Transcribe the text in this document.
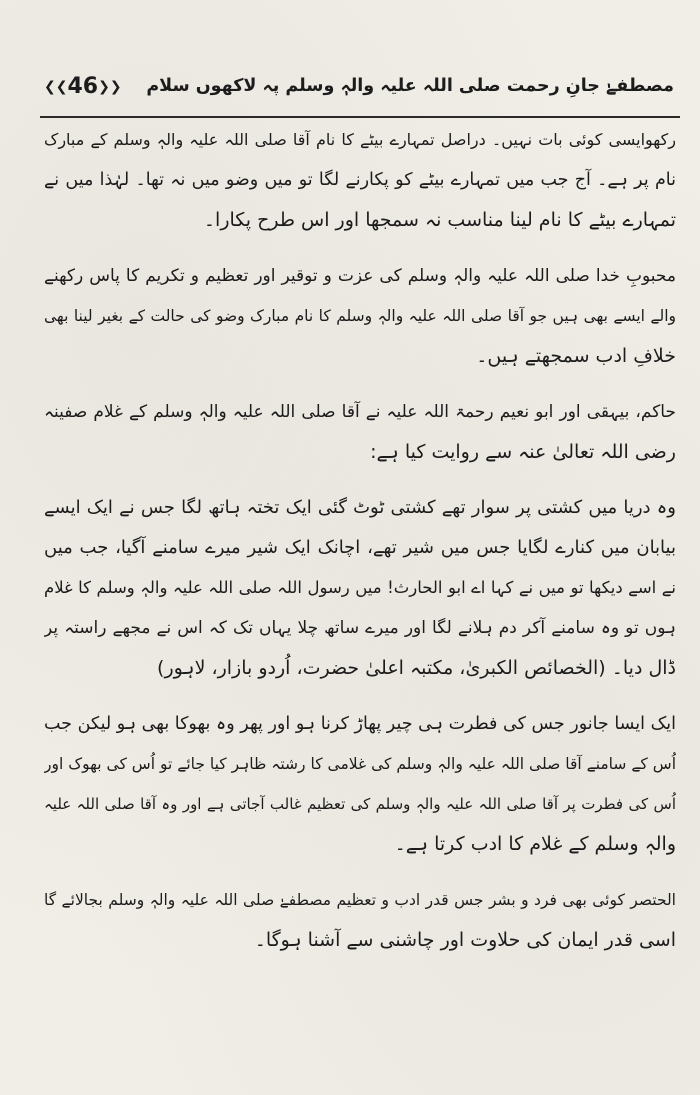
مصطفےٰ جانِ رحمت صلی اللہ علیہ والہٖ وسلم پہ لاکھوں سلام
❮❮46❯❯
رکھوایسی کوئی بات نہیں۔ دراصل تمہارے بیٹے کا نام آقا صلی اللہ علیہ والہٖ وسلم کے مبارک
نام پر ہے۔ آج جب میں تمہارے بیٹے کو پکارنے لگا تو میں وضو میں نہ تھا۔ لہٰذا میں نے
تمہارے بیٹے کا نام لینا مناسب نہ سمجھا اور اس طرح پکارا۔
محبوبِ خدا صلی اللہ علیہ والہٖ وسلم کی عزت و توقیر اور تعظیم و تکریم کا پاس رکھنے
والے ایسے بھی ہیں جو آقا صلی اللہ علیہ والہٖ وسلم کا نام مبارک وضو کی حالت کے بغیر لینا بھی
خلافِ ادب سمجھتے ہیں۔
حاکم، بیہقی اور ابو نعیم رحمۃ اللہ علیہ نے آقا صلی اللہ علیہ والہٖ وسلم کے غلام صفینہ
رضی اللہ تعالیٰ عنہ سے روایت کیا ہے:
وہ دریا میں کشتی پر سوار تھے کشتی ٹوٹ گئی ایک تختہ ہاتھ لگا جس نے ایک ایسے
بیابان میں کنارے لگایا جس میں شیر تھے، اچانک ایک شیر میرے سامنے آگیا، جب میں
نے اسے دیکھا تو میں نے کہا اے ابو الحارث! میں رسول اللہ صلی اللہ علیہ والہٖ وسلم کا غلام
ہوں تو وہ سامنے آکر دم ہلانے لگا اور میرے ساتھ چلا یہاں تک کہ اس نے مجھے راستہ پر
ڈال دیا۔ (الخصائص الکبریٰ، مکتبہ اعلیٰ حضرت، اُردو بازار، لاہور)
ایک ایسا جانور جس کی فطرت ہی چیر پھاڑ کرنا ہو اور پھر وہ بھوکا بھی ہو لیکن جب
اُس کے سامنے آقا صلی اللہ علیہ والہٖ وسلم کی غلامی کا رشتہ ظاہر کیا جائے تو اُس کی بھوک اور
اُس کی فطرت پر آقا صلی اللہ علیہ والہٖ وسلم کی تعظیم غالب آجاتی ہے اور وہ آقا صلی اللہ علیہ
والہٖ وسلم کے غلام کا ادب کرتا ہے۔
الحتصر کوئی بھی فرد و بشر جس قدر ادب و تعظیم مصطفےٰ صلی اللہ علیہ والہٖ وسلم بجالائے گا
اسی قدر ایمان کی حلاوت اور چاشنی سے آشنا ہوگا۔
